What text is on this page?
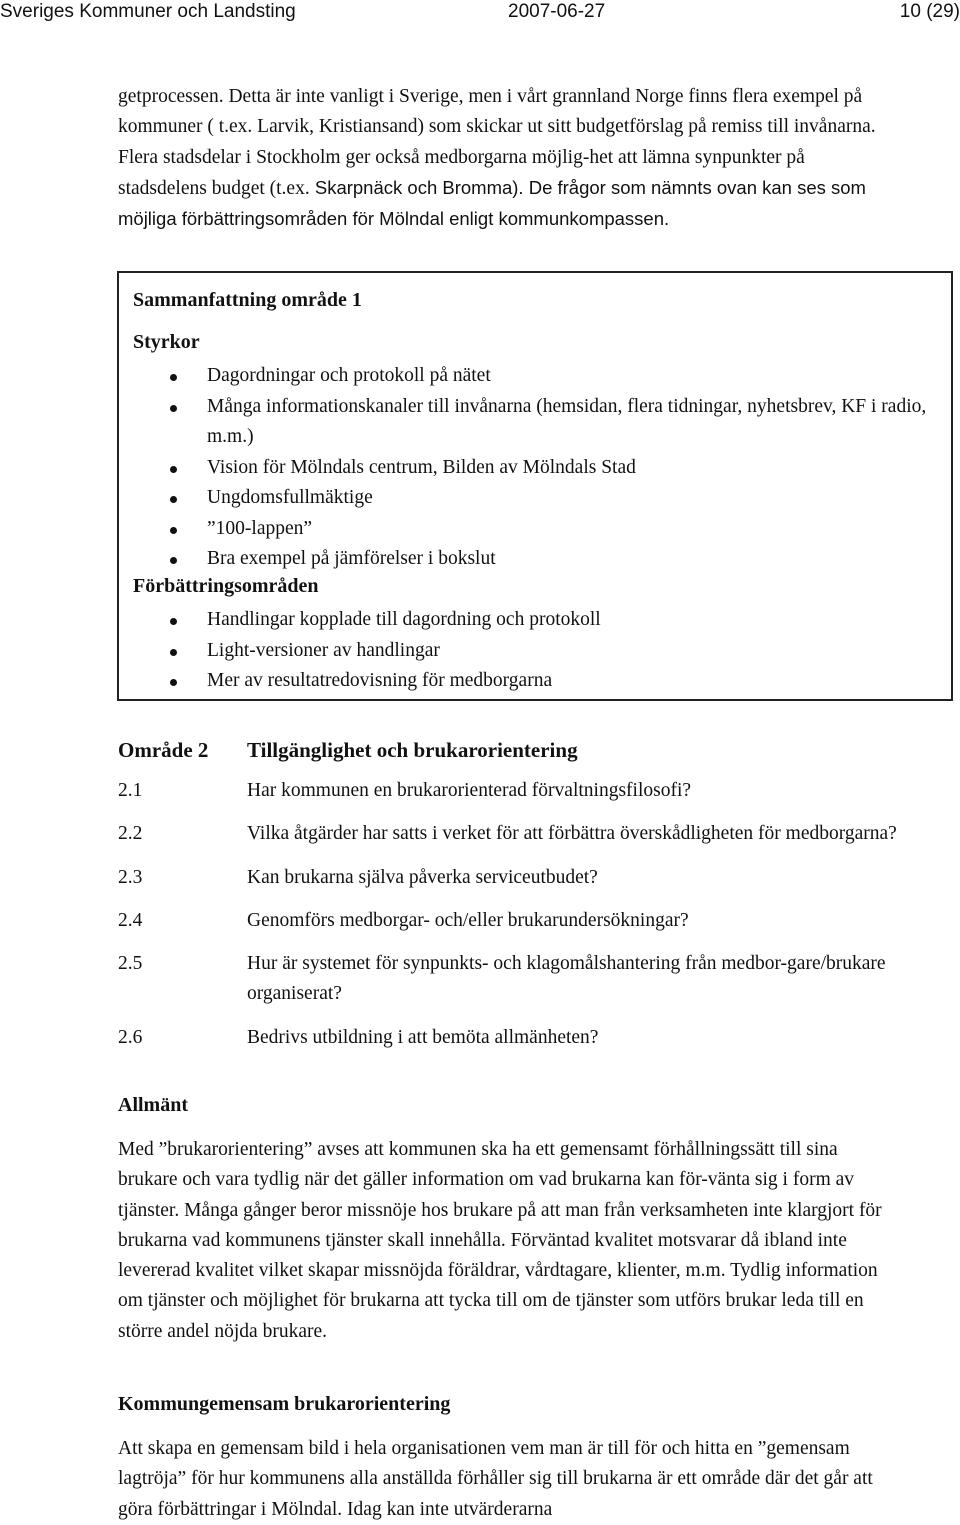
Sveriges Kommuner och Landsting	2007-06-27	10 (29)

getprocessen. Detta är inte vanligt i Sverige, men i vårt grannland Norge finns flera exempel på kommuner ( t.ex. Larvik, Kristiansand) som skickar ut sitt budgetförslag på remiss till invånarna. Flera stadsdelar i Stockholm ger också medborgarna möjlig-het att lämna synpunkter på stadsdelens budget (t.ex. Skarpnäck och Bromma). De frågor som nämnts ovan kan ses som möjliga förbättringsområden för Mölndal enligt kommunkompassen.

Sammanfattning område 1
Styrkor
Dagordningar och protokoll på nätet
Många informationskanaler till invånarna (hemsidan, flera tidningar, nyhetsbrev, KF i radio, m.m.)
Vision för Mölndals centrum, Bilden av Mölndals Stad
Ungdomsfullmäktige
”100-lappen”
Bra exempel på jämförelser i bokslut
Förbättringsområden
Handlingar kopplade till dagordning och protokoll
Light-versioner av handlingar
Mer av resultatredovisning för medborgarna
Område 2 Tillgänglighet och brukarorientering
2.1	Har kommunen en brukarorienterad förvaltningsfilosofi?
2.2	Vilka åtgärder har satts i verket för att förbättra överskådligheten för medborgarna?
2.3	Kan brukarna själva påverka serviceutbudet?
2.4	Genomförs medborgar- och/eller brukarundersökningar?
2.5	Hur är systemet för synpunkts- och klagomålshantering från medbor-gare/brukare organiserat?
2.6	Bedrivs utbildning i att bemöta allmänheten?
Allmänt

Med ”brukarorientering” avses att kommunen ska ha ett gemensamt förhållningssätt till sina brukare och vara tydlig när det gäller information om vad brukarna kan för-vänta sig i form av tjänster. Många gånger beror missnöje hos brukare på att man från verksamheten inte klargjort för brukarna vad kommunens tjänster skall innehålla. Förväntad kvalitet motsvarar då ibland inte levererad kvalitet vilket skapar missnöjda föräldrar, vårdtagare, klienter, m.m. Tydlig information om tjänster och möjlighet för brukarna att tycka till om de tjänster som utförs brukar leda till en större andel nöjda brukare.

Kommungemensam brukarorientering

Att skapa en gemensam bild i hela organisationen vem man är till för och hitta en ”gemensam lagtröja” för hur kommunens alla anställda förhåller sig till brukarna är ett område där det går att göra förbättringar i Mölndal. Idag kan inte utvärderarna
